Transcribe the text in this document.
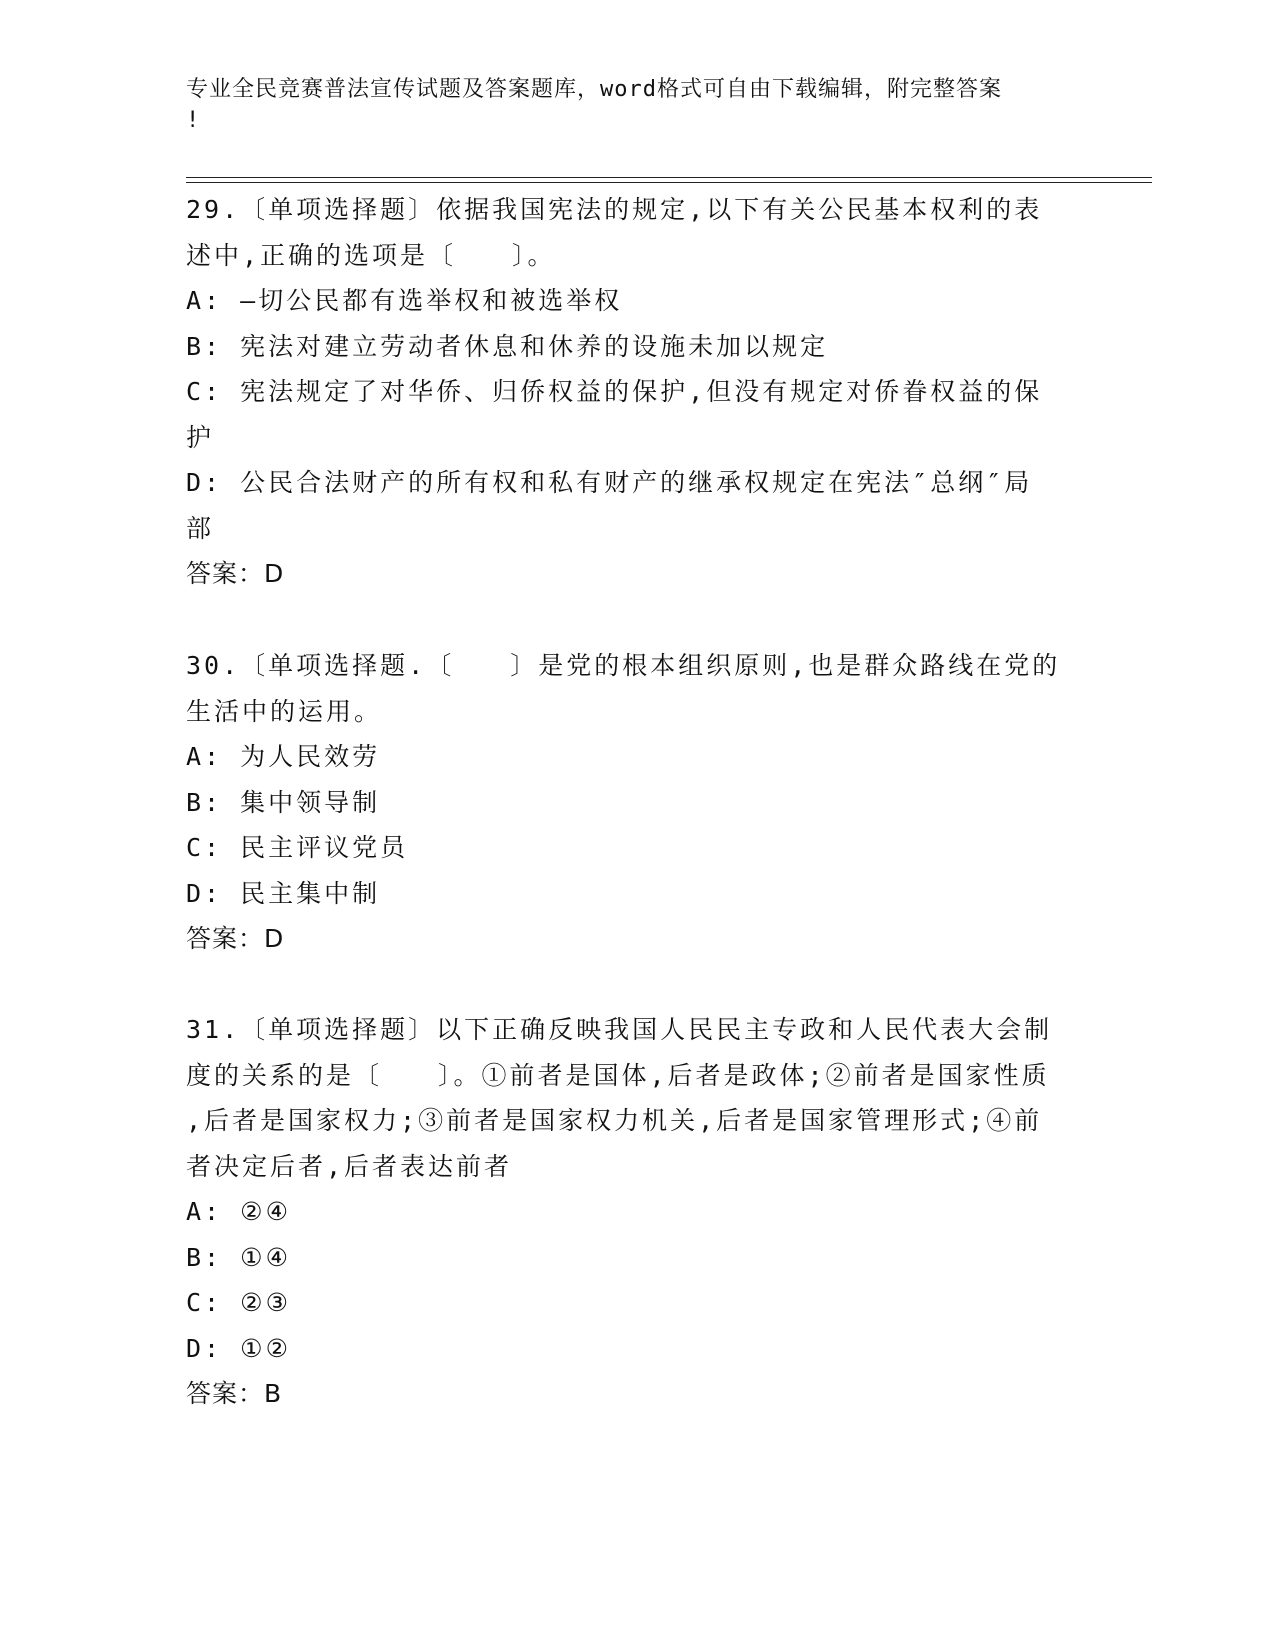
专业全民竞赛普法宣传试题及答案题库，word格式可自由下载编辑，附完整答案
!
29.〔单项选择题〕依据我国宪法的规定,以下有关公民基本权利的表
述中,正确的选项是〔　　〕。
A: —切公民都有选举权和被选举权
B: 宪法对建立劳动者休息和休养的设施未加以规定
C: 宪法规定了对华侨、归侨权益的保护,但没有规定对侨眷权益的保
护
D: 公民合法财产的所有权和私有财产的继承权规定在宪法″总纲″局
部
答案：D
30.〔单项选择题.〔　　〕是党的根本组织原则,也是群众路线在党的
生活中的运用。
A: 为人民效劳
B: 集中领导制
C: 民主评议党员
D: 民主集中制
答案：D
31.〔单项选择题〕以下正确反映我国人民民主专政和人民代表大会制
度的关系的是〔　　〕。①前者是国体,后者是政体;②前者是国家性质
,后者是国家权力;③前者是国家权力机关,后者是国家管理形式;④前
者决定后者,后者表达前者
A: ②④
B: ①④
C: ②③
D: ①②
答案：B
